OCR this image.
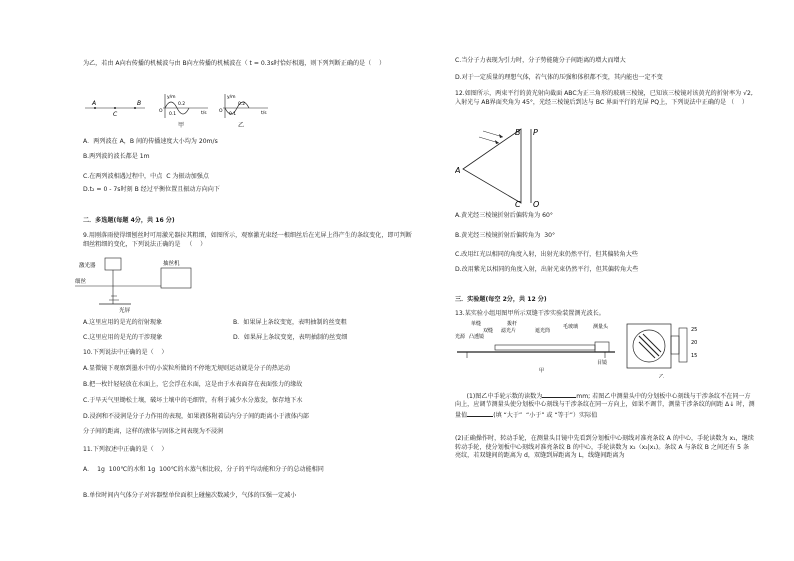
为乙，若由 A向右传播的机械波与由 B向左传播的机械波在（ t = 0.3s时恰好相遇，则下列判断正确的是（    ）
A
C
B
y/m
0.2
0.1	t/s
O
y/m
0.2
0.1	t/s
O
甲	乙
A．两列波在 A，B 间的传播速度大小均为 20m/s
B.两列波的波长都是 1m
C.在两列波相遇过程中，中点  C 为振动加强点
D.t₂ = 0 - 7s时刻 B 经过平衡位置且振动方向向下
二．多选题(每题 4分，共 16 分)
9.用刚落雨使得细刨丝时可用激光器拉其粗细，如图所示，观察激光束经一根细丝后在光屏上得产生的条纹变化，即可判断细丝粗细的变化，下列说法正确的是   （    ）
激光器	抽丝机
细丝
光屏
A.这里应用的是光的衍射现象	B．如果屏上条纹变宽，表明抽制的丝变粗
C.这里应用的是光的干涉现象	D．如果屏上条纹变宽，表明抽制的丝变细
10.下列说法中正确的是（    ）
A.显微镜下观察到墨水中的小炭粒所做的不停地无规则运动就是分子的热运动
B.把一枚针轻轻放在水面上，它会浮在水面，这是由于水表面存在表面张力的缘故
C.于旱天气里锄松土壤，破坏土壤中的毛细管，有利于减少水分蒸发，保存地下水
D.浸润和不浸润是分子力作用的表现，如果液体附着层内分子间的距离小于液体内部
分子间的距离，这样的液体与固体之间表现为不浸润
11.下列叙述中正确的是（    ）
A．  1g  100℃的水和 1g  100℃的水蒸气相比较，分子的平均动能和分子的总动能相同
B.单位时间内气体分子对容器壁单位面积上碰撞次数减少，气体的压强一定减小
C.当分子力表现为引力时，分子势能随分子间距离的增大而增大
D.对于一定质量的理想气体，若气体的压强和体积都不变，其内能也一定不变
12.如图所示，两束平行的黄光射向截面 ABC为正三角形的玻璃三棱镜，已知该三棱镜对该黄光的折射率为 √2,入射光与 AB界面夹角为 45°，光经三棱镜后到达与 BC 界面平行的光屏 PQ上，下列说法中正确的是 （    ）
A
B P
C Q
A.黄光经三棱镜折射后偏转角为 60°
B.黄光经三棱镜折射后偏转角为  30°
C.改用红光以相同的角度入射，出射光束仍然平行，但其偏转角大些
D.改用紫光以相同的角度入射，出射光束仍然平行，但其偏转角大些
三．实验题(每空 2分，共 12 分)
13.某实验小组用图甲所示双缝干涉实验装置测光波长。
单缝
双缝
光源 凸透镜
拨杆
滤光片	遮光筒
毛玻璃	测量头
目镜
甲
25
20
15
乙

(1)图乙中手轮示数的读数为	mm; 若图乙中测量头中的分划板中心刻线与干涉条纹不在同一方向上，应调节测量头使分划板中心刻线与干涉条纹在同一方向上，如果不调节，测量干涉条纹的间距 Δ↓ 时，测量值	(填 “大于”  “小于” 或 “等于”）实际值

(2)正确操作时，转动手轮，在测量头目镜中先看到分划板中心刻线对准亮条纹 A 的中心，手轮读数为 x₁，继续转动手轮，使分划板中心刻线对准亮条纹 B 的中心，手轮读数为 x₂（x₂|x₁)。条纹 A 与条纹 B 之间还有 5 条亮纹，若双缝间的距离为 d，双缝到屏距离为 L，线缝间距离为
